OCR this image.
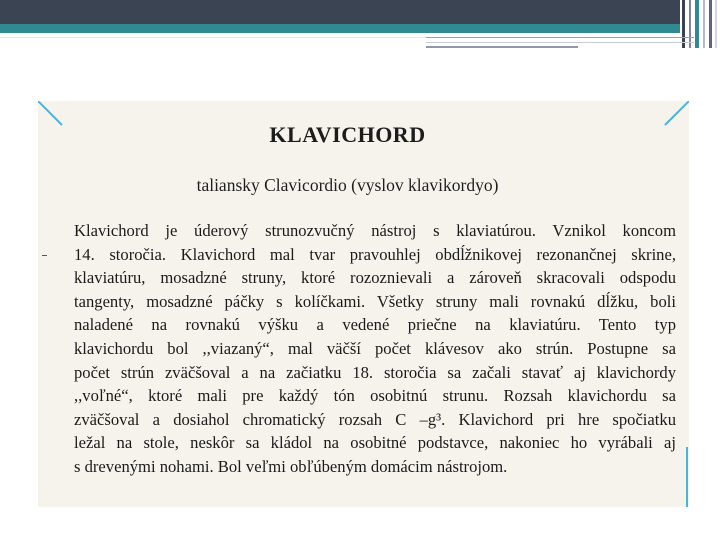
KLAVICHORD
taliansky Clavicordio (vyslov klavikordyo)
Klavichord je úderový strunozvučný nástroj s klaviatúrou. Vznikol koncom
14. storočia. Klavichord mal tvar pravouhlej obdĺžnikovej rezonančnej skrine,
klaviatúru, mosadzné struny, ktoré rozoznievali a zároveň skracovali odspodu
tangenty, mosadzné páčky s kolíčkami. Všetky struny mali rovnakú dĺžku, boli
naladené na rovnakú výšku a vedené priečne na klaviatúru. Tento typ
klavichordu bol ,,viazaný“, mal väčší počet klávesov ako strún. Postupne sa
počet strún zväčšoval a na začiatku 18. storočia sa začali stavať aj klavichordy
,,voľné“, ktoré mali pre každý tón osobitnú strunu. Rozsah klavichordu sa
zväčšoval a dosiahol chromatický rozsah C –g³. Klavichord pri hre spočiatku
ležal na stole, neskôr sa kládol na osobitné podstavce, nakoniec ho vyrábali aj
s drevenými nohami. Bol veľmi obľúbeným domácim nástrojom.
